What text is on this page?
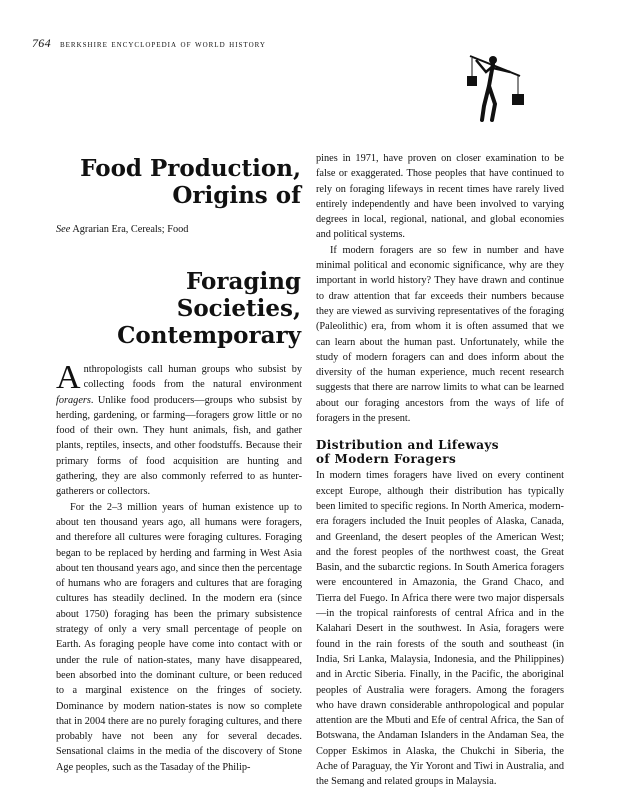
764 berkshire encyclopedia of world history
Food Production,
Origins of
See Agrarian Era, Cereals; Food
Foraging
Societies,
Contemporary

Anthropologists call human groups who subsist by collecting foods from the natural environment foragers. Unlike food producers—groups who subsist by herding, gardening, or farming—foragers grow little or no food of their own. They hunt animals, fish, and gather plants, reptiles, insects, and other foodstuffs. Because their primary forms of food acquisition are hunting and gathering, they are also commonly referred to as hunter-gatherers or collectors.

For the 2–3 million years of human existence up to about ten thousand years ago, all humans were foragers, and therefore all cultures were foraging cultures. Foraging began to be replaced by herding and farming in West Asia about ten thousand years ago, and since then the percentage of humans who are foragers and cultures that are foraging cultures has steadily declined. In the modern era (since about 1750) foraging has been the primary subsistence strategy of only a very small percentage of people on Earth. As foraging people have come into contact with or under the rule of nation-states, many have disappeared, been absorbed into the dominant culture, or been reduced to a marginal existence on the fringes of society. Dominance by modern nation-states is now so complete that in 2004 there are no purely foraging cultures, and there probably have not been any for several decades. Sensational claims in the media of the discovery of Stone Age peoples, such as the Tasaday of the Philip-

pines in 1971, have proven on closer examination to be false or exaggerated. Those peoples that have continued to rely on foraging lifeways in recent times have rarely lived entirely independently and have been involved to varying degrees in local, regional, national, and global economies and political systems.

If modern foragers are so few in number and have minimal political and economic significance, why are they important in world history? They have drawn and continue to draw attention that far exceeds their numbers because they are viewed as surviving representatives of the foraging (Paleolithic) era, from whom it is often assumed that we can learn about the human past. Unfortunately, while the study of modern foragers can and does inform about the diversity of the human experience, much recent research suggests that there are narrow limits to what can be learned about our foraging ancestors from the ways of life of foragers in the present.

Distribution and Lifeways
of Modern Foragers

In modern times foragers have lived on every continent except Europe, although their distribution has typically been limited to specific regions. In North America, modern-era foragers included the Inuit peoples of Alaska, Canada, and Greenland, the desert peoples of the American West; and the forest peoples of the northwest coast, the Great Basin, and the subarctic regions. In South America foragers were encountered in Amazonia, the Grand Chaco, and Tierra del Fuego. In Africa there were two major dispersals—in the tropical rainforests of central Africa and in the Kalahari Desert in the southwest. In Asia, foragers were found in the rain forests of the south and southeast (in India, Sri Lanka, Malaysia, Indonesia, and the Philippines) and in Arctic Siberia. Finally, in the Pacific, the aboriginal peoples of Australia were foragers. Among the foragers who have drawn considerable anthropological and popular attention are the Mbuti and Efe of central Africa, the San of Botswana, the Andaman Islanders in the Andaman Sea, the Copper Eskimos in Alaska, the Chukchi in Siberia, the Ache of Paraguay, the Yir Yoront and Tiwi in Australia, and the Semang and related groups in Malaysia.
